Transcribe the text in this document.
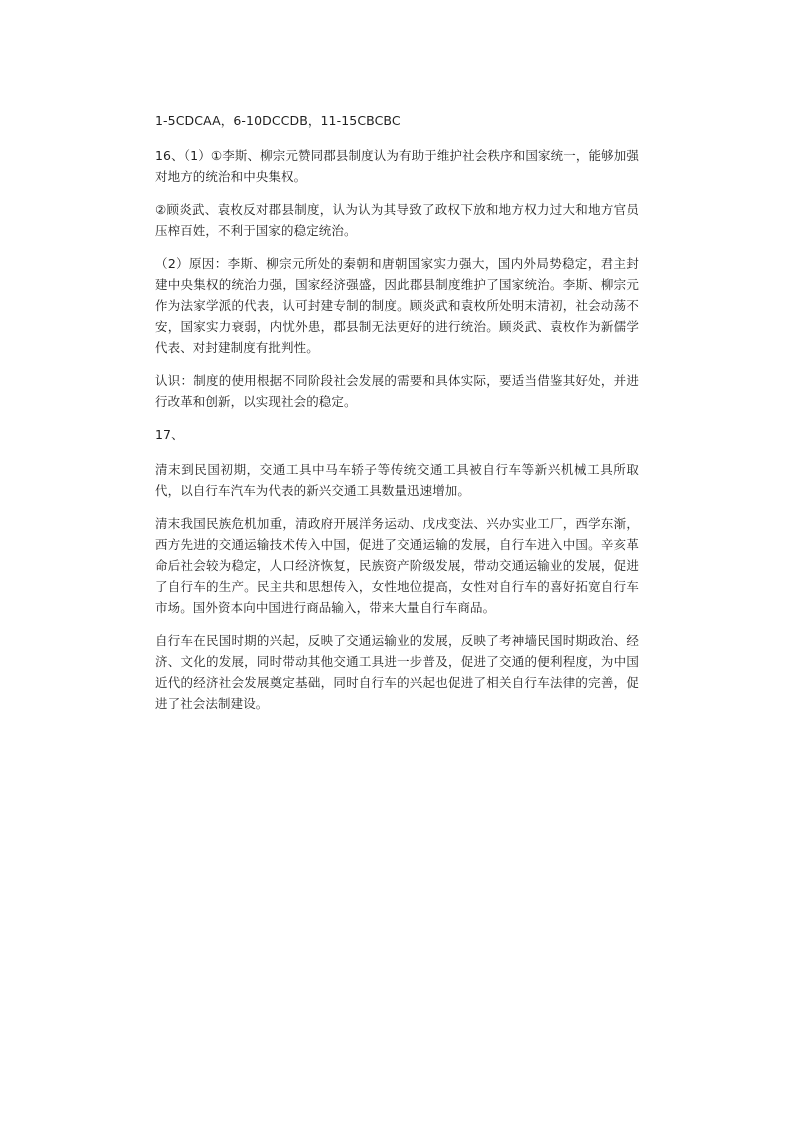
1-5CDCAA，6-10DCCDB，11-15CBCBC

16、（1）①李斯、柳宗元赞同郡县制度认为有助于维护社会秩序和国家统一，能够加强对地方的统治和中央集权。

②顾炎武、袁枚反对郡县制度，认为认为其导致了政权下放和地方权力过大和地方官员压榨百姓，不利于国家的稳定统治。

（2）原因：李斯、柳宗元所处的秦朝和唐朝国家实力强大，国内外局势稳定，君主封建中央集权的统治力强，国家经济强盛，因此郡县制度维护了国家统治。李斯、柳宗元作为法家学派的代表，认可封建专制的制度。顾炎武和袁枚所处明末清初，社会动荡不安，国家实力衰弱，内忧外患，郡县制无法更好的进行统治。顾炎武、袁枚作为新儒学代表、对封建制度有批判性。

认识：制度的使用根据不同阶段社会发展的需要和具体实际，要适当借鉴其好处，并进行改革和创新，以实现社会的稳定。

17、

清末到民国初期，交通工具中马车轿子等传统交通工具被自行车等新兴机械工具所取代，以自行车汽车为代表的新兴交通工具数量迅速增加。

清末我国民族危机加重，清政府开展洋务运动、戊戌变法、兴办实业工厂，西学东渐，西方先进的交通运输技术传入中国，促进了交通运输的发展，自行车进入中国。辛亥革命后社会较为稳定，人口经济恢复，民族资产阶级发展，带动交通运输业的发展，促进了自行车的生产。民主共和思想传入，女性地位提高，女性对自行车的喜好拓宽自行车市场。国外资本向中国进行商品输入，带来大量自行车商品。

自行车在民国时期的兴起，反映了交通运输业的发展，反映了考神墙民国时期政治、经济、文化的发展，同时带动其他交通工具进一步普及，促进了交通的便利程度，为中国近代的经济社会发展奠定基础，同时自行车的兴起也促进了相关自行车法律的完善，促进了社会法制建设。
